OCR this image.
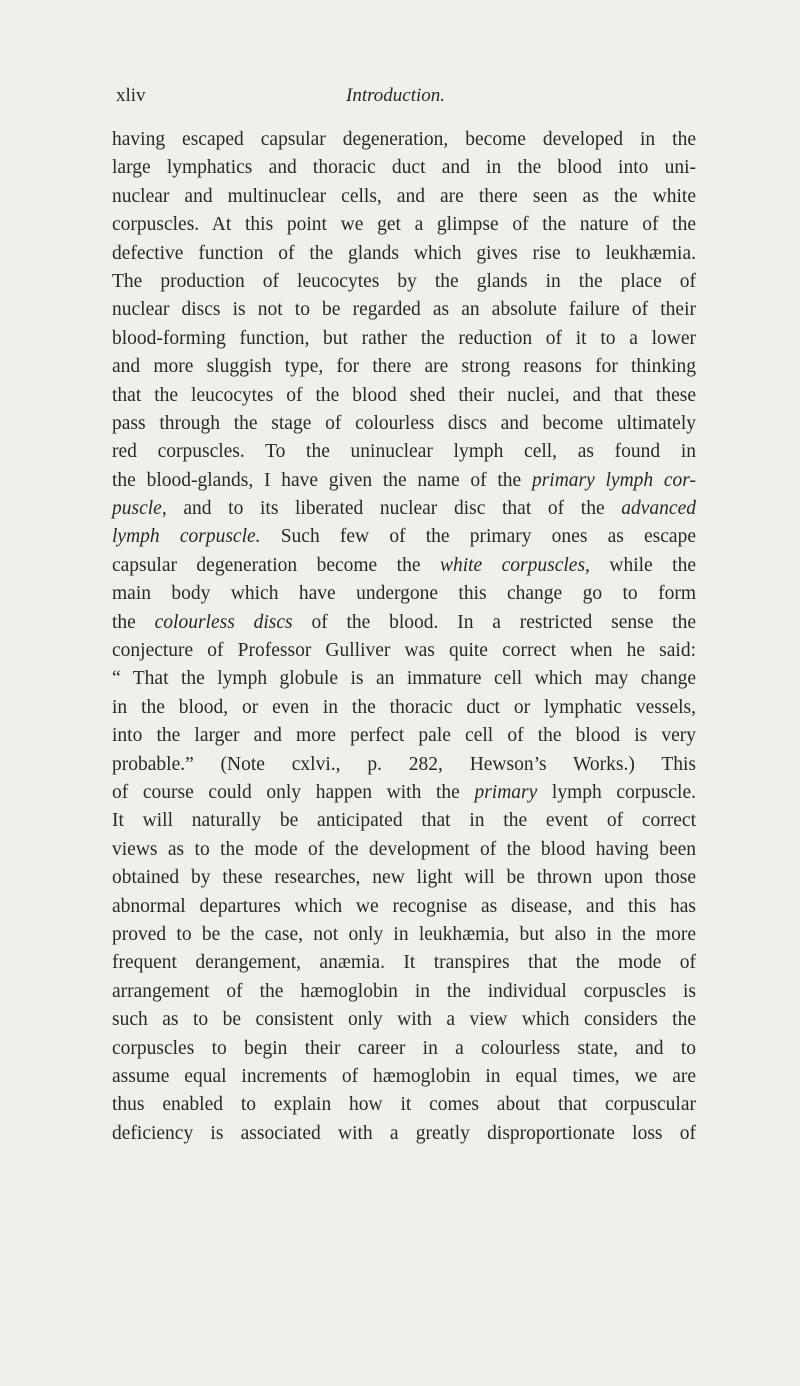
xliv	Introduction.
having escaped capsular degeneration, become developed in the
large lymphatics and thoracic duct and in the blood into uni-
nuclear and multinuclear cells, and are there seen as the white
corpuscles. At this point we get a glimpse of the nature of the
defective function of the glands which gives rise to leukhæmia.
The production of leucocytes by the glands in the place of
nuclear discs is not to be regarded as an absolute failure of their
blood-forming function, but rather the reduction of it to a lower
and more sluggish type, for there are strong reasons for thinking
that the leucocytes of the blood shed their nuclei, and that these
pass through the stage of colourless discs and become ultimately
red corpuscles. To the uninuclear lymph cell, as found in
the blood-glands, I have given the name of the primary lymph cor-
puscle, and to its liberated nuclear disc that of the advanced
lymph corpuscle. Such few of the primary ones as escape
capsular degeneration become the white corpuscles, while the
main body which have undergone this change go to form
the colourless discs of the blood. In a restricted sense the
conjecture of Professor Gulliver was quite correct when he said:
“ That the lymph globule is an immature cell which may change
in the blood, or even in the thoracic duct or lymphatic vessels,
into the larger and more perfect pale cell of the blood is very
probable.” (Note cxlvi., p. 282, Hewson’s Works.) This
of course could only happen with the primary lymph corpuscle.
It will naturally be anticipated that in the event of correct
views as to the mode of the development of the blood having been
obtained by these researches, new light will be thrown upon those
abnormal departures which we recognise as disease, and this has
proved to be the case, not only in leukhæmia, but also in the more
frequent derangement, anæmia. It transpires that the mode of
arrangement of the hæmoglobin in the individual corpuscles is
such as to be consistent only with a view which considers the
corpuscles to begin their career in a colourless state, and to
assume equal increments of hæmoglobin in equal times, we are
thus enabled to explain how it comes about that corpuscular
deficiency is associated with a greatly disproportionate loss of
